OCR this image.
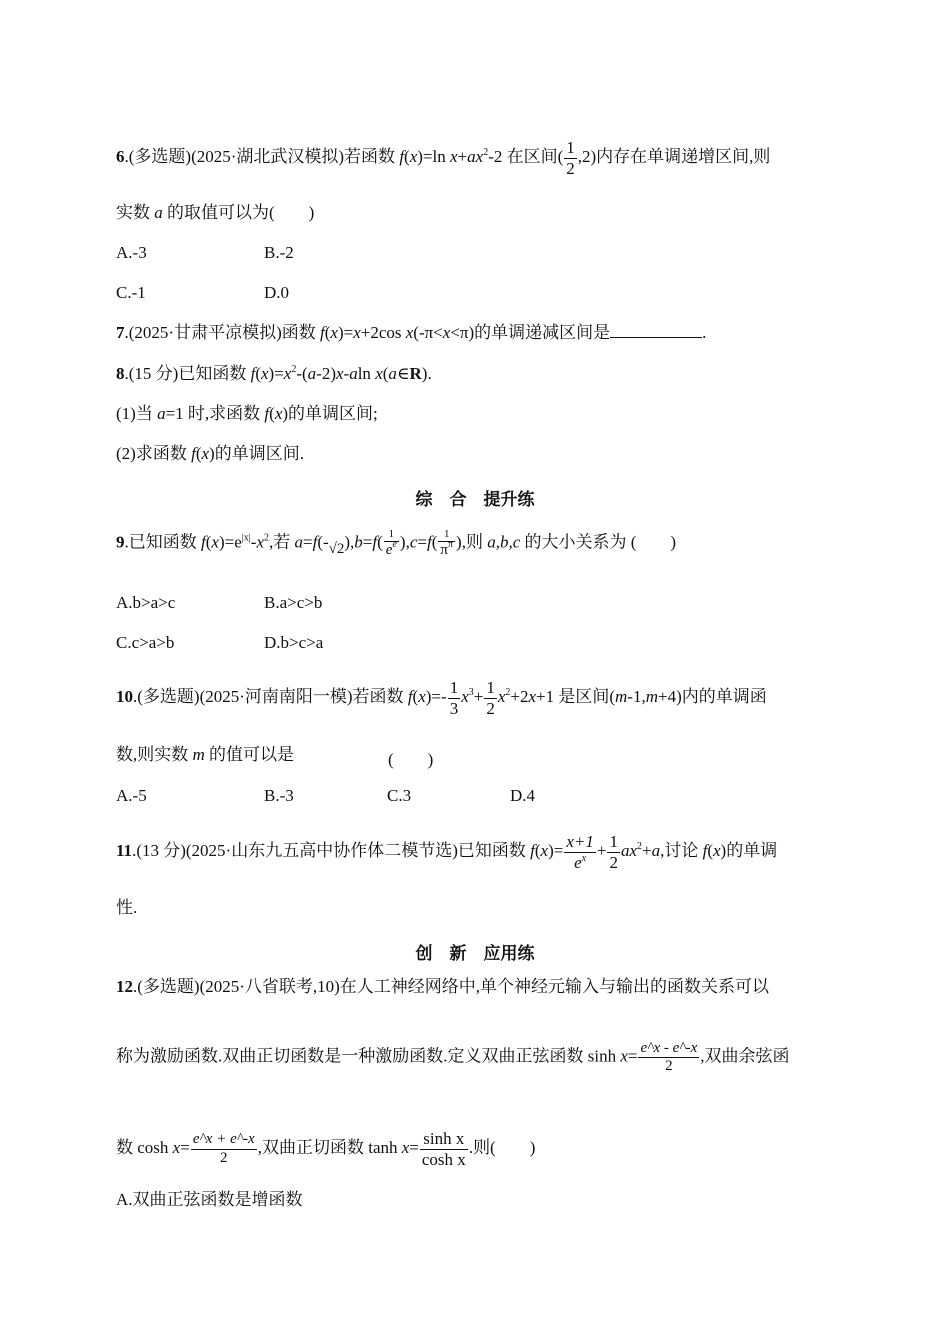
6.(多选题)(2025·湖北武汉模拟)若函数 f(x)=ln $x+ax^2-2$ 在区间( $\frac{1}{2} ,2$)内存在单调递增区间,则
实数 a 的取值可以为(　　)
A.-3	B.-2
C.-1	D.0
7.(2025·甘肃平凉模拟)函数 f(x)=x+2cos x(-π<x<π)的单调递减区间是	.
8.(15 分)已知函数 $f(x)=x^2-(a-2)x$-aln x(a∈R).
(1)当 a=1 时,求函数 f(x)的单调区间;
(2)求函数 f(x)的单调区间.
综　合　提升练
9.已知函数 $f(x)=e^{|x|}-x^2$,若 $a=f(-√2),b=f( \frac{1}{e^e} ),c=f( \frac{1}{\pi^\pi}$ ),则 a,b,c 的大小关系为 (　　)
A.b>a>c	B.a>c>b
C.c>a>b	D.b>c>a
10.(多选题)(2025·河南南阳一模)若函数 $f(x)=- \frac{1}{3} x^3+ \frac{1}{2} x^2+2x+1$ 是区间(m-1,m+4)内的单调函
数,则实数 m 的值可以是	(　　)
A.-5	B.-3	C.3	D.4
11.(13 分)(2025·山东九五高中协作体二模节选)已知函数 $f(x)= \frac{x+1}{e^x} + \frac{1}{2} ax^2+a$,讨论 f(x)的单调
性.
创　新　应用练
12.(多选题)(2025·八省联考,10)在人工神经网络中,单个神经元输入与输出的函数关系可以
称为激励函数.双曲正切函数是一种激励函数.定义双曲正弦函数 $\sinh x= \frac{e\^{}x - e\^{}-x}{2}$ ,双曲余弦函
数 $\cosh x= \frac{e\^{}x + e\^{}-x}{2}$ ,双曲正切函数 $\tanh x= \frac{\text{sinh x}}{\text{cosh x}}$ .则(　　)
A.双曲正弦函数是增函数
